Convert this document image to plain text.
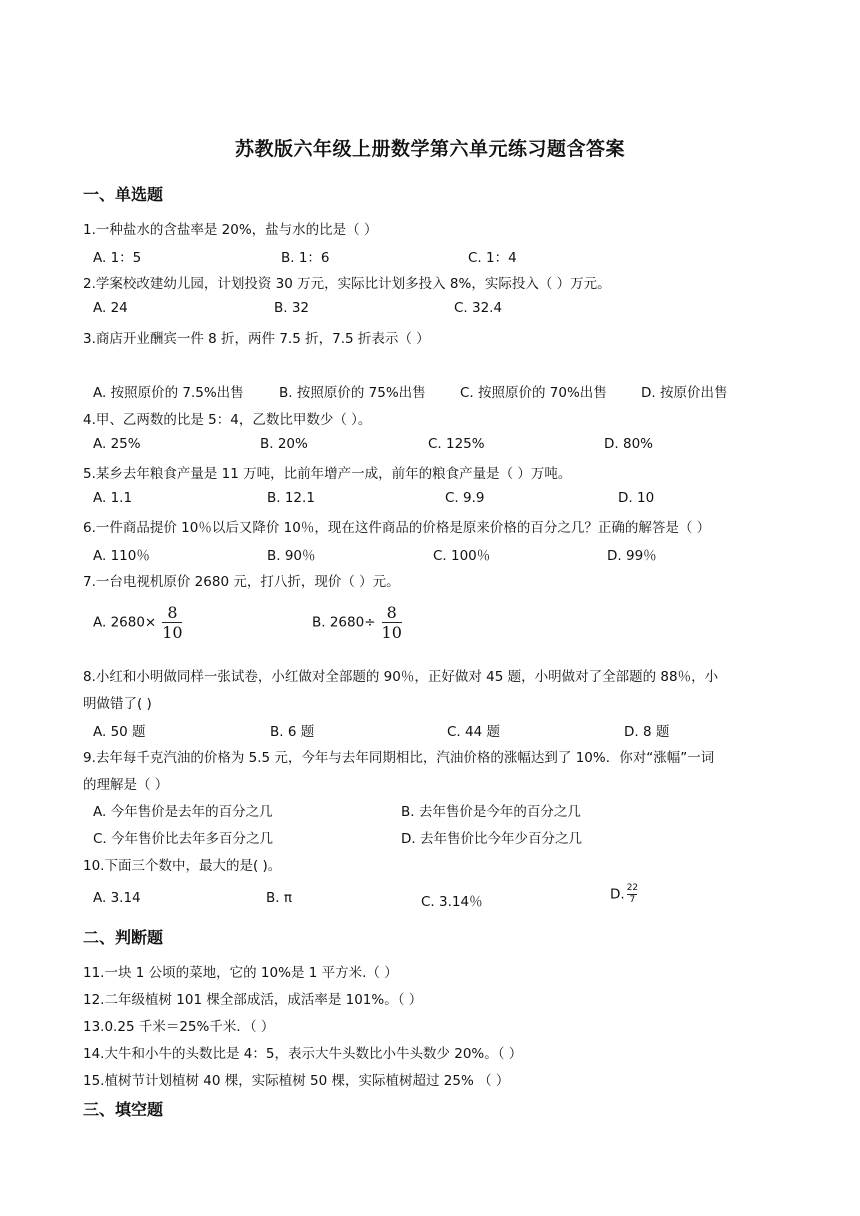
苏教版六年级上册数学第六单元练习题含答案
一、单选题
1.一种盐水的含盐率是 20%，盐与水的比是（ ）
A. 1：5	B. 1：6	C. 1：4
2.学案校改建幼儿园，计划投资 30 万元，实际比计划多投入 8%，实际投入（ ）万元。
A. 24	B. 32	C. 32.4
3.商店开业酬宾一件 8 折，两件 7.5 折，7.5 折表示（ ）
A. 按照原价的 7.5%出售	B. 按照原价的 75%出售	C. 按照原价的 70%出售	D. 按原价出售
4.甲、乙两数的比是 5：4，乙数比甲数少（ ）。
A. 25%	B. 20%	C. 125%	D. 80%
5.某乡去年粮食产量是 11 万吨，比前年增产一成，前年的粮食产量是（ ）万吨。
A. 1.1	B. 12.1	C. 9.9	D. 10
6.一件商品提价 10％以后又降价 10％，现在这件商品的价格是原来价格的百分之几？正确的解答是（ ）
A. 110％	B. 90％	C. 100％	D. 99％
7.一台电视机原价 2680 元，打八折，现价（ ）元。
A. $2680\times \frac{8}{10}$	B. $2680\div \frac{8}{10}$
8.小红和小明做同样一张试卷，小红做对全部题的 90％，正好做对 45 题，小明做对了全部题的 88％，小
明做错了( )
A. 50 题	B. 6 题	C. 44 题	D. 8 题
9.去年每千克汽油的价格为 5.5 元，今年与去年同期相比，汽油价格的涨幅达到了 10%．你对“涨幅”一词
的理解是（ ）
A. 今年售价是去年的百分之几	B. 去年售价是今年的百分之几
C. 今年售价比去年多百分之几	D. 去年售价比今年少百分之几
10.下面三个数中，最大的是( )。
A. 3.14	B. π	C. 3.14％	D. $\frac{22}{7}$
二、判断题
11.一块 1 公顷的菜地，它的 10%是 1 平方米.（ ）
12.二年级植树 101 棵全部成活，成活率是 101%。（ ）
13.0.25 千米＝25%千米．（ ）
14.大牛和小牛的头数比是 4：5，表示大牛头数比小牛头数少 20%。（ ）
15.植树节计划植树 40 棵，实际植树 50 棵，实际植树超过 25% （ ）
三、填空题
